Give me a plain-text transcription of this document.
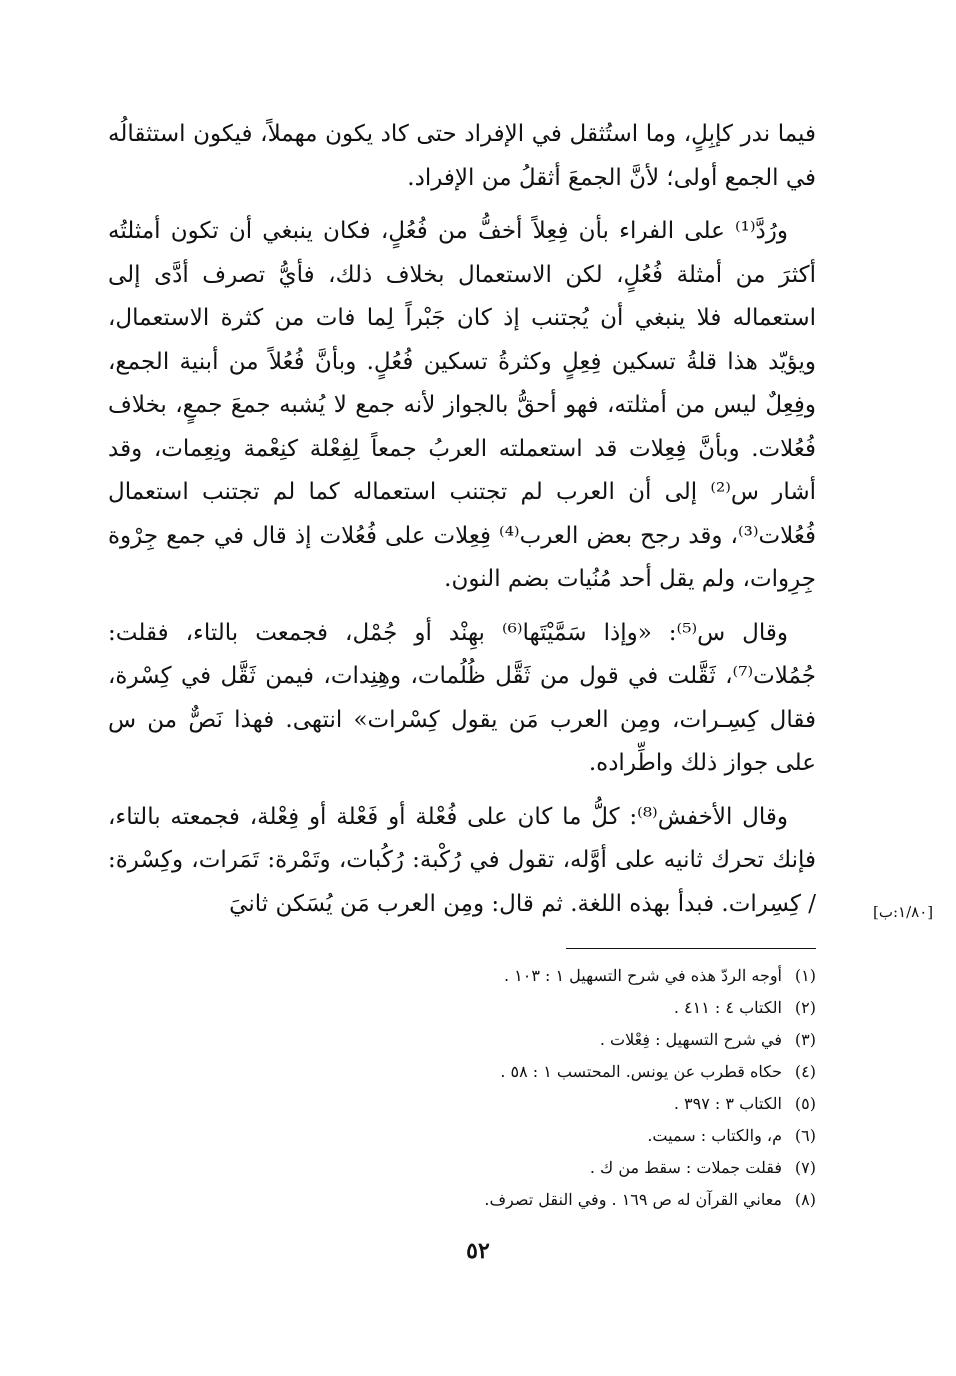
فيما ندر كإبِلٍ، وما استُثقل في الإفراد حتى كاد يكون مهملاً، فيكون استثقالُه في الجمع أولى؛ لأنَّ الجمعَ أثقلُ من الإفراد.

ورُدَّ⁽¹⁾ على الفراء بأن فِعِلاً أخفُّ من فُعُلٍ، فكان ينبغي أن تكون أمثلتُه أكثرَ من أمثلة فُعُلٍ، لكن الاستعمال بخلاف ذلك، فأيُّ تصرف أدَّى إلى استعماله فلا ينبغي أن يُجتنب إذ كان جَبْراً لِما فات من كثرة الاستعمال، ويؤيّد هذا قلةُ تسكين فِعِلٍ وكثرةُ تسكين فُعُلٍ. وبأنَّ فُعُلاً من أبنية الجمع، وفِعِلٌ ليس من أمثلته، فهو أحقُّ بالجواز لأنه جمع لا يُشبه جمعَ جمعٍ، بخلاف فُعُلات. وبأنَّ فِعِلات قد استعملته العربُ جمعاً لِفِعْلة كنِعْمة ونِعِمات، وقد أشار س⁽²⁾ إلى أن العرب لم تجتنب استعماله كما لم تجتنب استعمال فُعُلات⁽³⁾، وقد رجح بعض العرب⁽⁴⁾ فِعِلات على فُعُلات إذ قال في جمع جِرْوة جِرِوات، ولم يقل أحد مُنُيات بضم النون.

وقال س⁽⁵⁾: «وإذا سَمَّيْتَها⁽⁶⁾ بهِنْد أو جُمْل، فجمعت بالتاء، فقلت: جُمُلات⁽⁷⁾، ثَقَّلت في قول من ثَقَّل ظُلُمات، وهِنِدات، فيمن ثَقَّل في كِسْرة، فقال كِسِـرات، ومِن العرب مَن يقول كِسْرات» انتهى. فهذا نَصٌّ من س على جواز ذلك واطِّراده.

وقال الأخفش⁽⁸⁾: كلُّ ما كان على فُعْلة أو فَعْلة أو فِعْلة، فجمعته بالتاء، فإنك تحرك ثانيه على أوَّله، تقول في رُكْبة: رُكُبات، وتَمْرة: تَمَرات، وكِسْرة: / كِسِرات. فبدأ بهذه اللغة. ثم قال: ومِن العرب مَن يُسَكن ثانيَ	[١/٨٠:ب]
(١)أوجه الردّ هذه في شرح التسهيل ١ : ١٠٣ .
(٢)الكتاب ٤ : ٤١١ .
(٣)في شرح التسهيل : فِعْلات .
(٤)حكاه قطرب عن يونس. المحتسب ١ : ٥٨ .
(٥)الكتاب ٣ : ٣٩٧ .
(٦)م، والكتاب : سميت.
(٧)فقلت جملات : سقط من ك .
(٨)معاني القرآن له ص ١٦٩ . وفي النقل تصرف.
٥٢
